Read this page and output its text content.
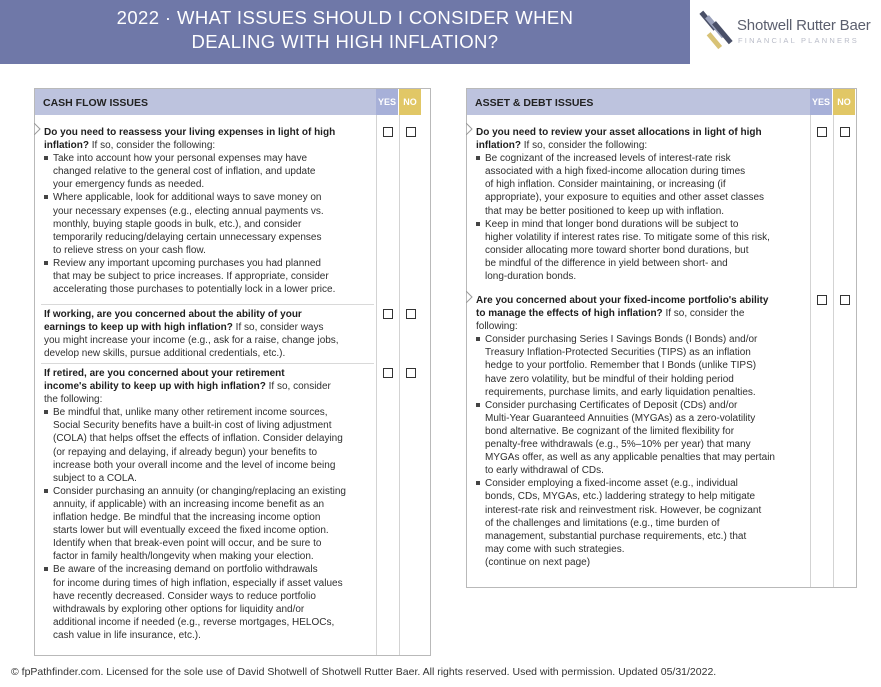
2022 · WHAT ISSUES SHOULD I CONSIDER WHEN
DEALING WITH HIGH INFLATION?
Shotwell Rutter Baer
FINANCIAL PLANNERS
CASH FLOW ISSUES	YES NO
Do you need to reassess your living expenses in light of high
inflation? If so, consider the following:
Take into account how your personal expenses may have
changed relative to the general cost of inflation, and update
your emergency funds as needed.
Where applicable, look for additional ways to save money on
your necessary expenses (e.g., electing annual payments vs.
monthly, buying staple goods in bulk, etc.), and consider
temporarily reducing/delaying certain unnecessary expenses
to relieve stress on your cash flow.
Review any important upcoming purchases you had planned
that may be subject to price increases. If appropriate, consider
accelerating those purchases to potentially lock in a lower price.
If working, are you concerned about the ability of your
earnings to keep up with high inflation? If so, consider ways
you might increase your income (e.g., ask for a raise, change jobs,
develop new skills, pursue additional credentials, etc.).
If retired, are you concerned about your retirement
income's ability to keep up with high inflation? If so, consider
the following:
Be mindful that, unlike many other retirement income sources,
Social Security benefits have a built-in cost of living adjustment
(COLA) that helps offset the effects of inflation. Consider delaying
(or repaying and delaying, if already begun) your benefits to
increase both your overall income and the level of income being
subject to a COLA.
Consider purchasing an annuity (or changing/replacing an existing
annuity, if applicable) with an increasing income benefit as an
inflation hedge. Be mindful that the increasing income option
starts lower but will eventually exceed the fixed income option.
Identify when that break-even point will occur, and be sure to
factor in family health/longevity when making your election.
Be aware of the increasing demand on portfolio withdrawals
for income during times of high inflation, especially if asset values
have recently decreased. Consider ways to reduce portfolio
withdrawals by exploring other options for liquidity and/or
additional income if needed (e.g., reverse mortgages, HELOCs,
cash value in life insurance, etc.).
ASSET & DEBT ISSUES	YES NO
Do you need to review your asset allocations in light of high
inflation? If so, consider the following:
Be cognizant of the increased levels of interest-rate risk
associated with a high fixed-income allocation during times
of high inflation. Consider maintaining, or increasing (if
appropriate), your exposure to equities and other asset classes
that may be better positioned to keep up with inflation.
Keep in mind that longer bond durations will be subject to
higher volatility if interest rates rise. To mitigate some of this risk,
consider allocating more toward shorter bond durations, but
be mindful of the difference in yield between short- and
long-duration bonds.
Are you concerned about your fixed-income portfolio's ability
to manage the effects of high inflation? If so, consider the
following:
Consider purchasing Series I Savings Bonds (I Bonds) and/or
Treasury Inflation-Protected Securities (TIPS) as an inflation
hedge to your portfolio. Remember that I Bonds (unlike TIPS)
have zero volatility, but be mindful of their holding period
requirements, purchase limits, and early liquidation penalties.
Consider purchasing Certificates of Deposit (CDs) and/or
Multi-Year Guaranteed Annuities (MYGAs) as a zero-volatility
bond alternative. Be cognizant of the limited flexibility for
penalty-free withdrawals (e.g., 5%–10% per year) that many
MYGAs offer, as well as any applicable penalties that may pertain
to early withdrawal of CDs.
Consider employing a fixed-income asset (e.g., individual
bonds, CDs, MYGAs, etc.) laddering strategy to help mitigate
interest-rate risk and reinvestment risk. However, be cognizant
of the challenges and limitations (e.g., time burden of
management, substantial purchase requirements, etc.) that
may come with such strategies.
(continue on next page)
© fpPathfinder.com. Licensed for the sole use of David Shotwell of Shotwell Rutter Baer. All rights reserved. Used with permission. Updated 05/31/2022.
